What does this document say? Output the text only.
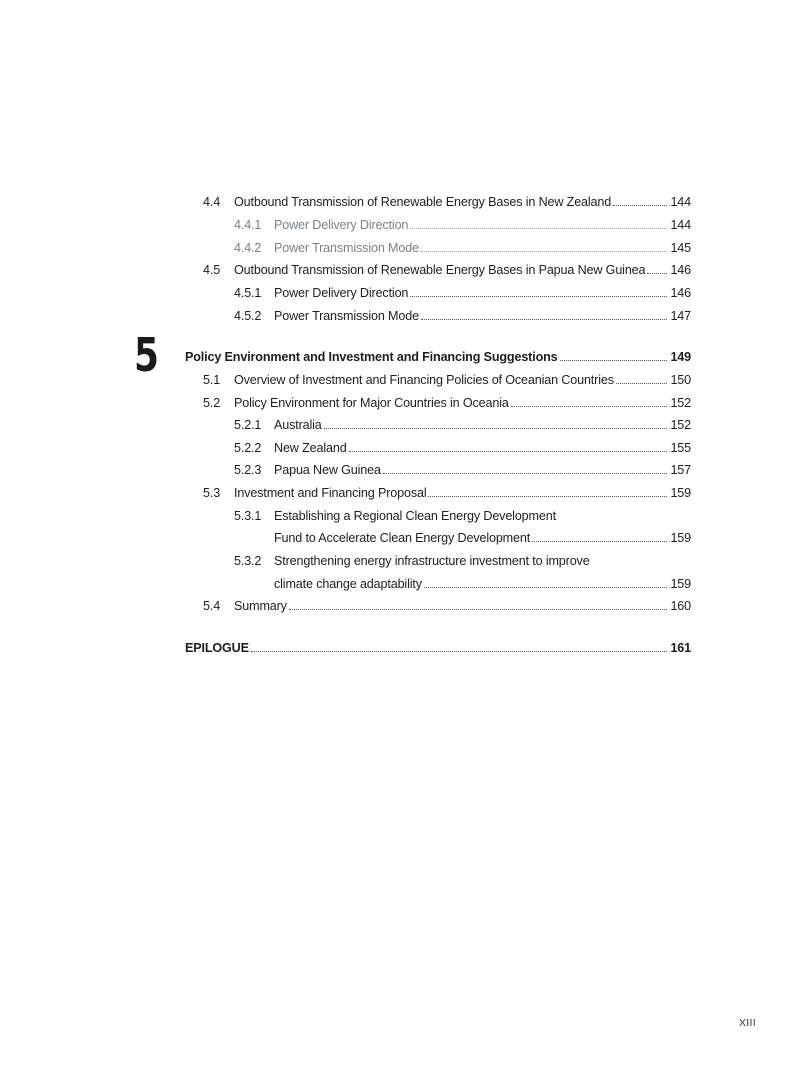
4.4	Outbound Transmission of Renewable Energy Bases in New Zealand	144
4.4.1	Power Delivery Direction	144
4.4.2	Power Transmission Mode	145
4.5	Outbound Transmission of Renewable Energy Bases in Papua New Guinea 146
4.5.1	Power Delivery Direction	146
4.5.2	Power Transmission Mode	147
5 Policy Environment and Investment and Financing Suggestions	149
5.1	Overview of Investment and Financing Policies of Oceanian Countries	150
5.2	Policy Environment for Major Countries in Oceania	152
5.2.1	Australia	152
5.2.2	New Zealand	155
5.2.3	Papua New Guinea	157
5.3	Investment and Financing Proposal	159
5.3.1	Establishing a Regional Clean Energy Development
Fund to Accelerate Clean Energy Development	159
5.3.2	Strengthening energy infrastructure investment to improve
climate change adaptability	159
5.4	Summary	160
EPILOGUE	161
XIII
